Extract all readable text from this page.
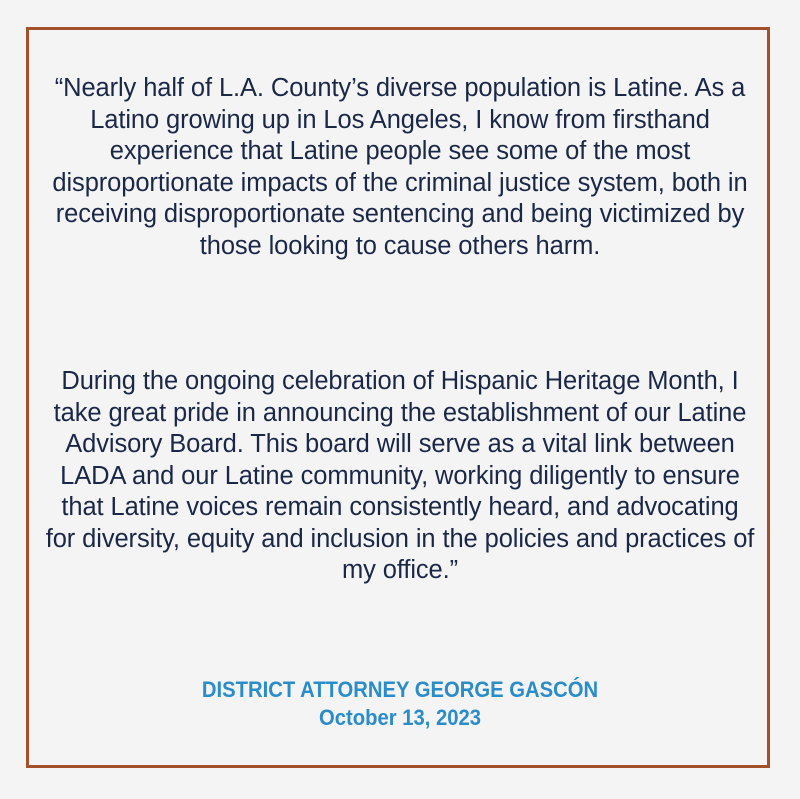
“Nearly half of L.A. County’s diverse population is Latine. As a Latino growing up in Los Angeles, I know from firsthand experience that Latine people see some of the most disproportionate impacts of the criminal justice system, both in receiving disproportionate sentencing and being victimized by those looking to cause others harm.

During the ongoing celebration of Hispanic Heritage Month, I take great pride in announcing the establishment of our Latine Advisory Board. This board will serve as a vital link between LADA and our Latine community, working diligently to ensure that Latine voices remain consistently heard, and advocating for diversity, equity and inclusion in the policies and practices of my office.”

DISTRICT ATTORNEY GEORGE GASCÓN
October 13, 2023
